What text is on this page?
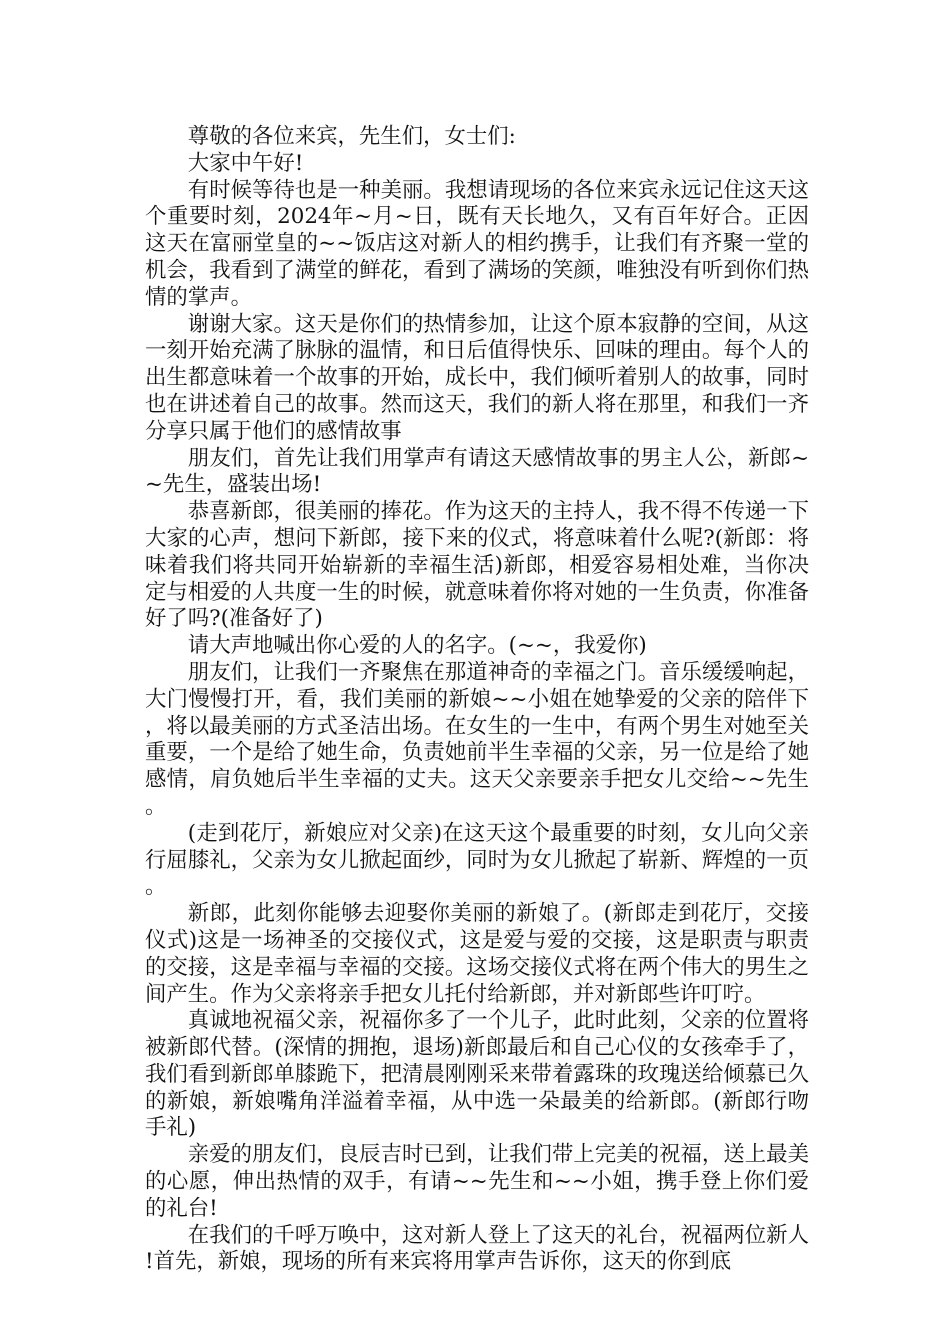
尊敬的各位来宾，先生们，女士们:

大家中午好!

有时候等待也是一种美丽。我想请现场的各位来宾永远记住这天这个重要时刻，2024年~月~日，既有天长地久，又有百年好合。正因这天在富丽堂皇的~~饭店这对新人的相约携手，让我们有齐聚一堂的机会，我看到了满堂的鲜花，看到了满场的笑颜，唯独没有听到你们热情的掌声。

谢谢大家。这天是你们的热情参加，让这个原本寂静的空间，从这一刻开始充满了脉脉的温情，和日后值得快乐、回味的理由。每个人的出生都意味着一个故事的开始，成长中，我们倾听着别人的故事，同时也在讲述着自己的故事。然而这天，我们的新人将在那里，和我们一齐分享只属于他们的感情故事

朋友们，首先让我们用掌声有请这天感情故事的男主人公，新郎~~先生，盛装出场!

恭喜新郎，很美丽的捧花。作为这天的主持人，我不得不传递一下大家的心声，想问下新郎，接下来的仪式，将意味着什么呢?(新郎：将味着我们将共同开始崭新的幸福生活)新郎，相爱容易相处难，当你决定与相爱的人共度一生的时候，就意味着你将对她的一生负责，你准备好了吗?(准备好了)

请大声地喊出你心爱的人的名字。(~~，我爱你)

朋友们，让我们一齐聚焦在那道神奇的幸福之门。音乐缓缓响起，大门慢慢打开，看，我们美丽的新娘~~小姐在她挚爱的父亲的陪伴下，将以最美丽的方式圣洁出场。在女生的一生中，有两个男生对她至关重要，一个是给了她生命，负责她前半生幸福的父亲，另一位是给了她感情，肩负她后半生幸福的丈夫。这天父亲要亲手把女儿交给~~先生。

(走到花厅，新娘应对父亲)在这天这个最重要的时刻，女儿向父亲行屈膝礼，父亲为女儿掀起面纱，同时为女儿掀起了崭新、辉煌的一页。

新郎，此刻你能够去迎娶你美丽的新娘了。(新郎走到花厅，交接仪式)这是一场神圣的交接仪式，这是爱与爱的交接，这是职责与职责的交接，这是幸福与幸福的交接。这场交接仪式将在两个伟大的男生之间产生。作为父亲将亲手把女儿托付给新郎，并对新郎些许叮咛。

真诚地祝福父亲，祝福你多了一个儿子，此时此刻，父亲的位置将被新郎代替。(深情的拥抱，退场)新郎最后和自己心仪的女孩牵手了，我们看到新郎单膝跪下，把清晨刚刚采来带着露珠的玫瑰送给倾慕已久的新娘，新娘嘴角洋溢着幸福，从中选一朵最美的给新郎。(新郎行吻手礼)

亲爱的朋友们，良辰吉时已到，让我们带上完美的祝福，送上最美的心愿，伸出热情的双手，有请~~先生和~~小姐，携手登上你们爱的礼台!

在我们的千呼万唤中，这对新人登上了这天的礼台，祝福两位新人!首先，新娘，现场的所有来宾将用掌声告诉你，这天的你到底
